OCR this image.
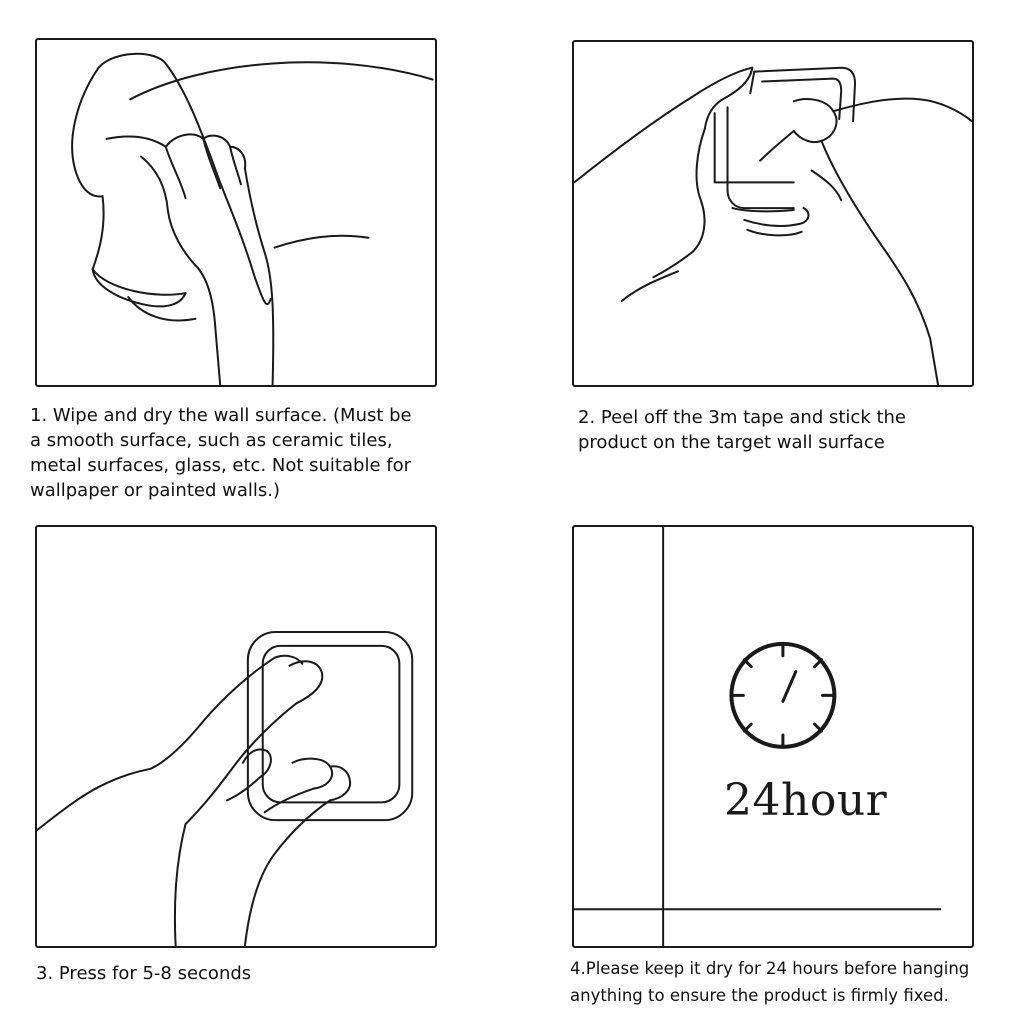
1. Wipe and dry the wall surface. (Must be
a smooth surface, such as ceramic tiles,
metal surfaces, glass, etc. Not suitable for
wallpaper or painted walls.)
2. Peel off the 3m tape and stick the
product on the target wall surface
3. Press for 5-8 seconds
24hour
4.Please keep it dry for 24 hours before hanging
anything to ensure the product is firmly fixed.
